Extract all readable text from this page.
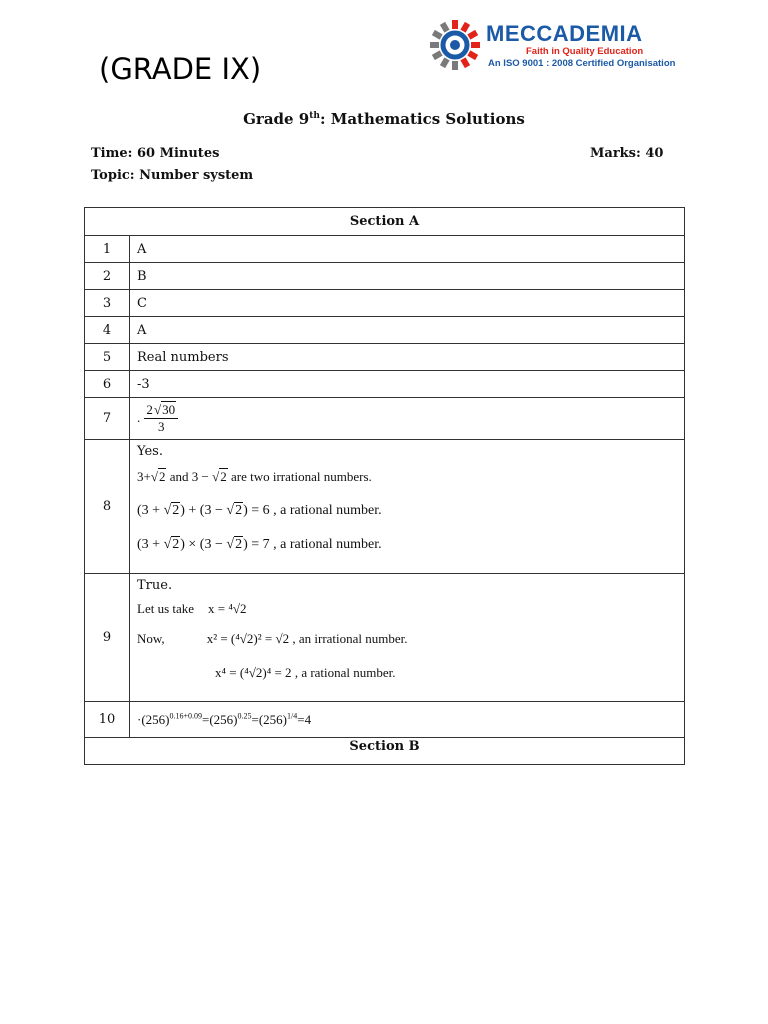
(GRADE IX)
MECCADEMIA
Faith in Quality Education
An ISO 9001 : 2008 Certified Organisation
Grade 9th: Mathematics Solutions
Time: 60 Minutes	Marks: 40
Topic: Number system
Section A	
1	A
2	B
3	C
4	A
5	Real numbers
6	-3
7	. $\frac{2 √30}{3}$

8	Yes.
3+√2 and 3 − √2 are two irrational numbers.
(3 + √2) + (3 − √2) = 6 , a rational number.
(3 + √2) × (3 − √2) = 7 , a rational number.

9	True.
Let us take x = ⁴√2
Now, x² = (⁴√2)² = √2 , an irrational number.
x⁴ = (⁴√2)⁴ = 2 , a rational number.

10	$\cdot(256)^{0.16+0.09}=(256)^{0.25}=(256)^{1/4}=4$
Section B	
